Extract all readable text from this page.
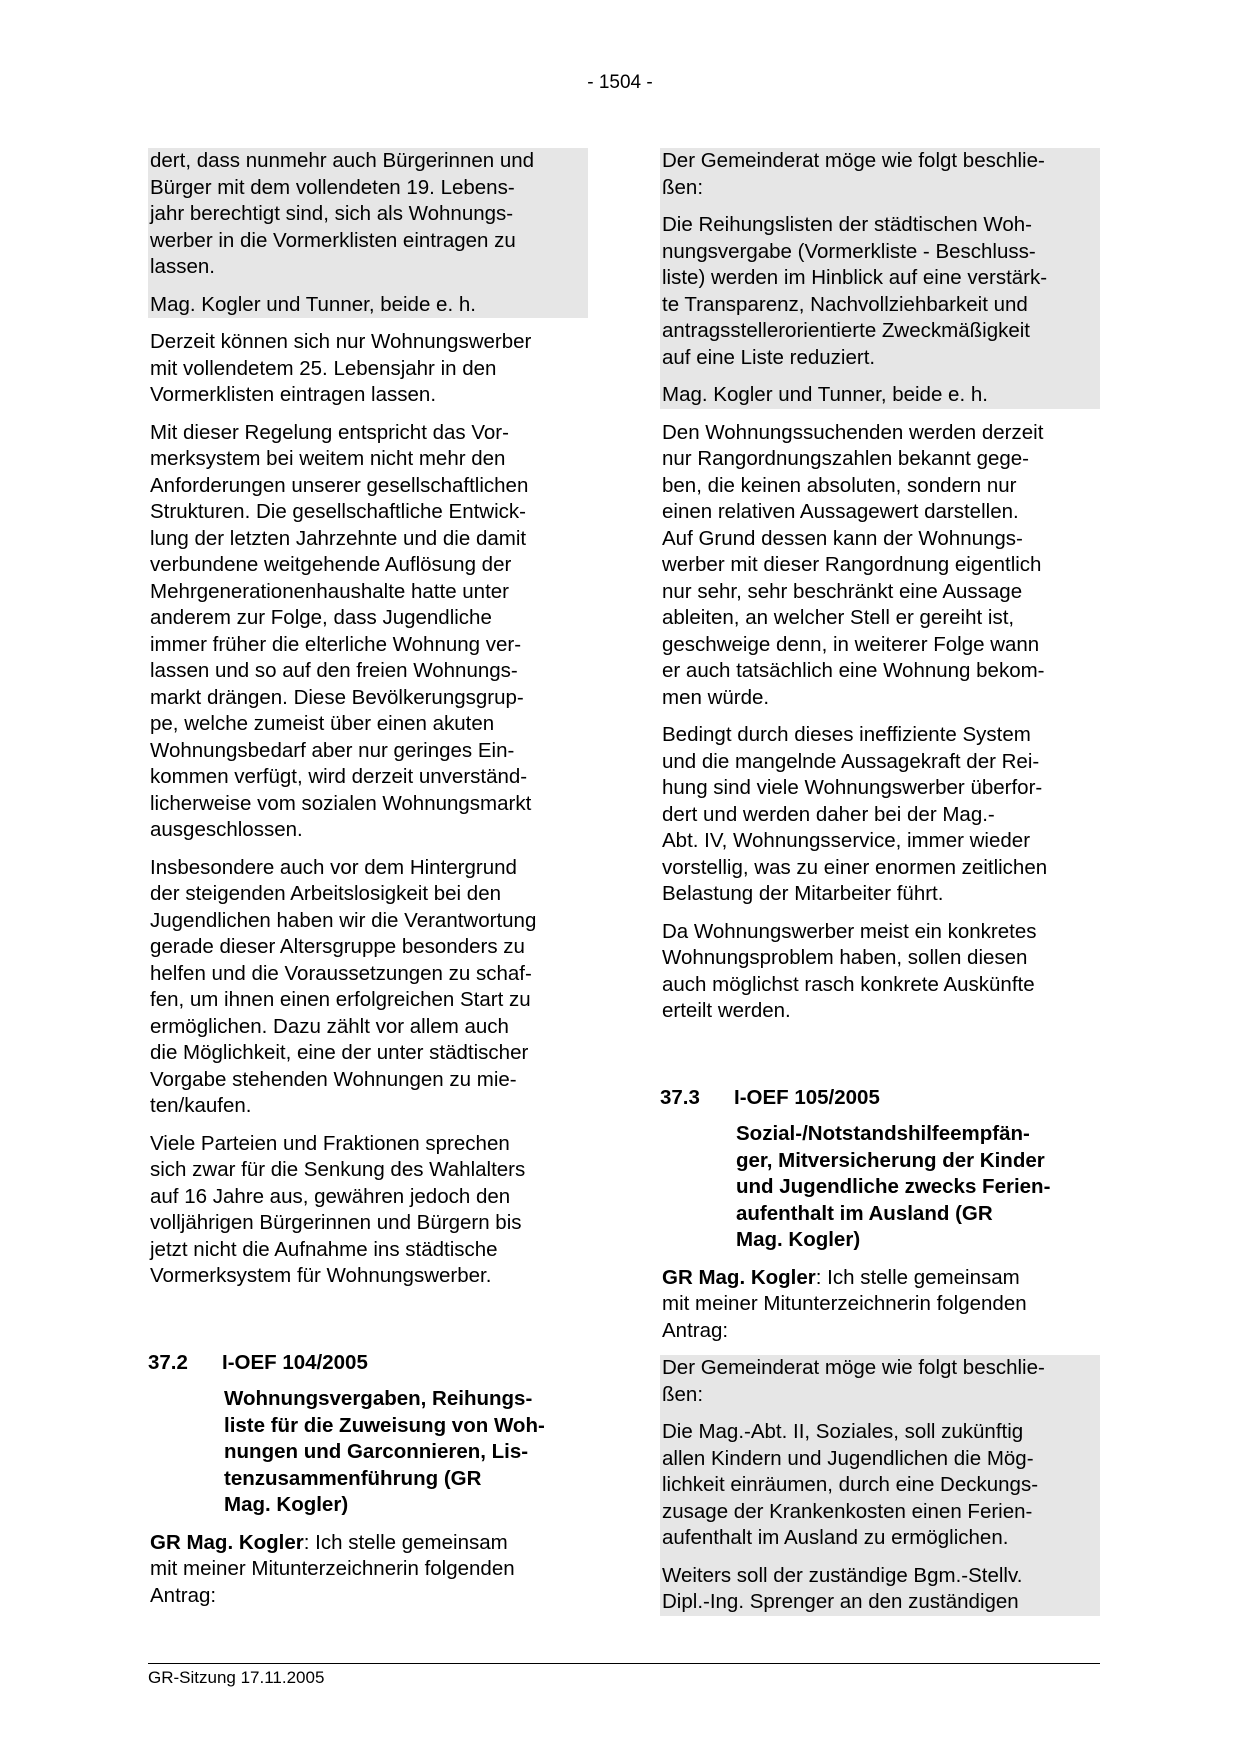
- 1504 -

dert, dass nunmehr auch Bürgerinnen und
Bürger mit dem vollendeten 19. Lebens-
jahr berechtigt sind, sich als Wohnungs-
werber in die Vormerklisten eintragen zu
lassen.

Mag. Kogler und Tunner, beide e. h.

Derzeit können sich nur Wohnungswerber
mit vollendetem 25. Lebensjahr in den
Vormerklisten eintragen lassen.

Mit dieser Regelung entspricht das Vor-
merksystem bei weitem nicht mehr den
Anforderungen unserer gesellschaftlichen
Strukturen. Die gesellschaftliche Entwick-
lung der letzten Jahrzehnte und die damit
verbundene weitgehende Auflösung der
Mehrgenerationenhaushalte hatte unter
anderem zur Folge, dass Jugendliche
immer früher die elterliche Wohnung ver-
lassen und so auf den freien Wohnungs-
markt drängen. Diese Bevölkerungsgrup-
pe, welche zumeist über einen akuten
Wohnungsbedarf aber nur geringes Ein-
kommen verfügt, wird derzeit unverständ-
licherweise vom sozialen Wohnungsmarkt
ausgeschlossen.

Insbesondere auch vor dem Hintergrund
der steigenden Arbeitslosigkeit bei den
Jugendlichen haben wir die Verantwortung
gerade dieser Altersgruppe besonders zu
helfen und die Voraussetzungen zu schaf-
fen, um ihnen einen erfolgreichen Start zu
ermöglichen. Dazu zählt vor allem auch
die Möglichkeit, eine der unter städtischer
Vorgabe stehenden Wohnungen zu mie-
ten/kaufen.

Viele Parteien und Fraktionen sprechen
sich zwar für die Senkung des Wahlalters
auf 16 Jahre aus, gewähren jedoch den
volljährigen Bürgerinnen und Bürgern bis
jetzt nicht die Aufnahme ins städtische
Vormerksystem für Wohnungswerber.

37.2	I-OEF 104/2005
Wohnungsvergaben, Reihungs-
liste für die Zuweisung von Woh-
nungen und Garconnieren, Lis-
tenzusammenführung (GR
Mag. Kogler)

GR Mag. Kogler: Ich stelle gemeinsam
mit meiner Mitunterzeichnerin folgenden
Antrag:

Der Gemeinderat möge wie folgt beschlie-
ßen:

Die Reihungslisten der städtischen Woh-
nungsvergabe (Vormerkliste - Beschluss-
liste) werden im Hinblick auf eine verstärk-
te Transparenz, Nachvollziehbarkeit und
antragsstellerorientierte Zweckmäßigkeit
auf eine Liste reduziert.

Mag. Kogler und Tunner, beide e. h.

Den Wohnungssuchenden werden derzeit
nur Rangordnungszahlen bekannt gege-
ben, die keinen absoluten, sondern nur
einen relativen Aussagewert darstellen.
Auf Grund dessen kann der Wohnungs-
werber mit dieser Rangordnung eigentlich
nur sehr, sehr beschränkt eine Aussage
ableiten, an welcher Stell er gereiht ist,
geschweige denn, in weiterer Folge wann
er auch tatsächlich eine Wohnung bekom-
men würde.

Bedingt durch dieses ineffiziente System
und die mangelnde Aussagekraft der Rei-
hung sind viele Wohnungswerber überfor-
dert und werden daher bei der Mag.-
Abt. IV, Wohnungsservice, immer wieder
vorstellig, was zu einer enormen zeitlichen
Belastung der Mitarbeiter führt.

Da Wohnungswerber meist ein konkretes
Wohnungsproblem haben, sollen diesen
auch möglichst rasch konkrete Auskünfte
erteilt werden.

37.3	I-OEF 105/2005
Sozial-/Notstandshilfeempfän-
ger, Mitversicherung der Kinder
und Jugendliche zwecks Ferien-
aufenthalt im Ausland (GR
Mag. Kogler)

GR Mag. Kogler: Ich stelle gemeinsam
mit meiner Mitunterzeichnerin folgenden
Antrag:

Der Gemeinderat möge wie folgt beschlie-
ßen:

Die Mag.-Abt. II, Soziales, soll zukünftig
allen Kindern und Jugendlichen die Mög-
lichkeit einräumen, durch eine Deckungs-
zusage der Krankenkosten einen Ferien-
aufenthalt im Ausland zu ermöglichen.

Weiters soll der zuständige Bgm.-Stellv.
Dipl.-Ing. Sprenger an den zuständigen

GR-Sitzung 17.11.2005
